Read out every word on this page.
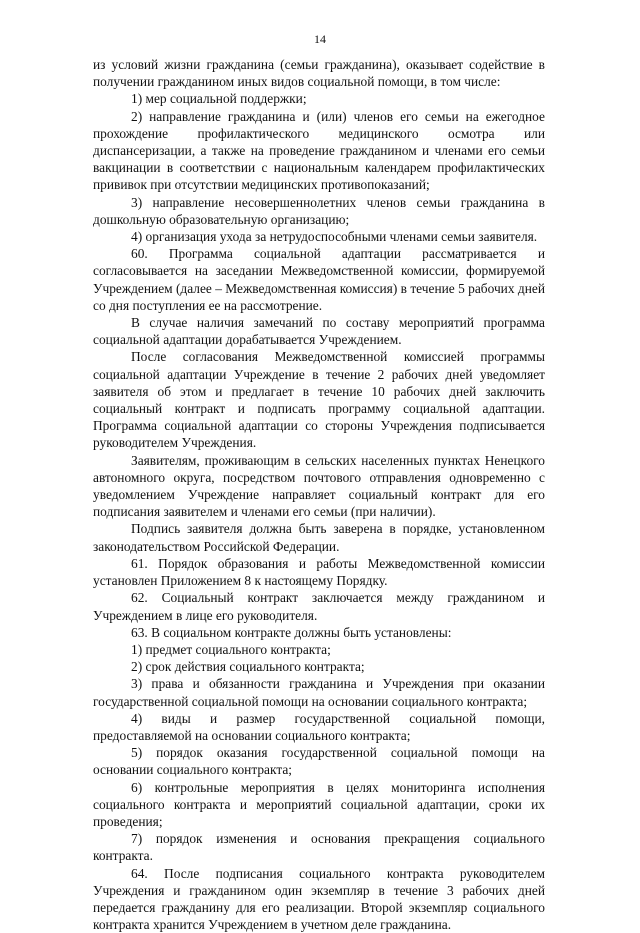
14

из условий жизни гражданина (семьи гражданина), оказывает содействие в получении гражданином иных видов социальной помощи, в том числе:

1) мер социальной поддержки;

2) направление гражданина и (или) членов его семьи на ежегодное прохождение профилактического медицинского осмотра или диспансеризации, а также на проведение гражданином и членами его семьи вакцинации в соответствии с национальным календарем профилактических прививок при отсутствии медицинских противопоказаний;

3) направление несовершеннолетних членов семьи гражданина в дошкольную образовательную организацию;

4) организация ухода за нетрудоспособными членами семьи заявителя.

60. Программа социальной адаптации рассматривается и согласовывается на заседании Межведомственной комиссии, формируемой Учреждением (далее – Межведомственная комиссия) в течение 5 рабочих дней со дня поступления ее на рассмотрение.

В случае наличия замечаний по составу мероприятий программа социальной адаптации дорабатывается Учреждением.

После согласования Межведомственной комиссией программы социальной адаптации Учреждение в течение 2 рабочих дней уведомляет заявителя об этом и предлагает в течение 10 рабочих дней заключить социальный контракт и подписать программу социальной адаптации. Программа социальной адаптации со стороны Учреждения подписывается руководителем Учреждения.

Заявителям, проживающим в сельских населенных пунктах Ненецкого автономного округа, посредством почтового отправления одновременно с уведомлением Учреждение направляет социальный контракт для его подписания заявителем и членами его семьи (при наличии).

Подпись заявителя должна быть заверена в порядке, установленном законодательством Российской Федерации.

61. Порядок образования и работы Межведомственной комиссии установлен Приложением 8 к настоящему Порядку.

62. Социальный контракт заключается между гражданином и Учреждением в лице его руководителя.

63. В социальном контракте должны быть установлены:

1) предмет социального контракта;

2) срок действия социального контракта;

3) права и обязанности гражданина и Учреждения при оказании государственной социальной помощи на основании социального контракта;

4) виды и размер государственной социальной помощи, предоставляемой на основании социального контракта;

5) порядок оказания государственной социальной помощи на основании социального контракта;

6) контрольные мероприятия в целях мониторинга исполнения социального контракта и мероприятий социальной адаптации, сроки их проведения;

7) порядок изменения и основания прекращения социального контракта.

64. После подписания социального контракта руководителем Учреждения и гражданином один экземпляр в течение 3 рабочих дней передается гражданину для его реализации. Второй экземпляр социального контракта хранится Учреждением в учетном деле гражданина.
